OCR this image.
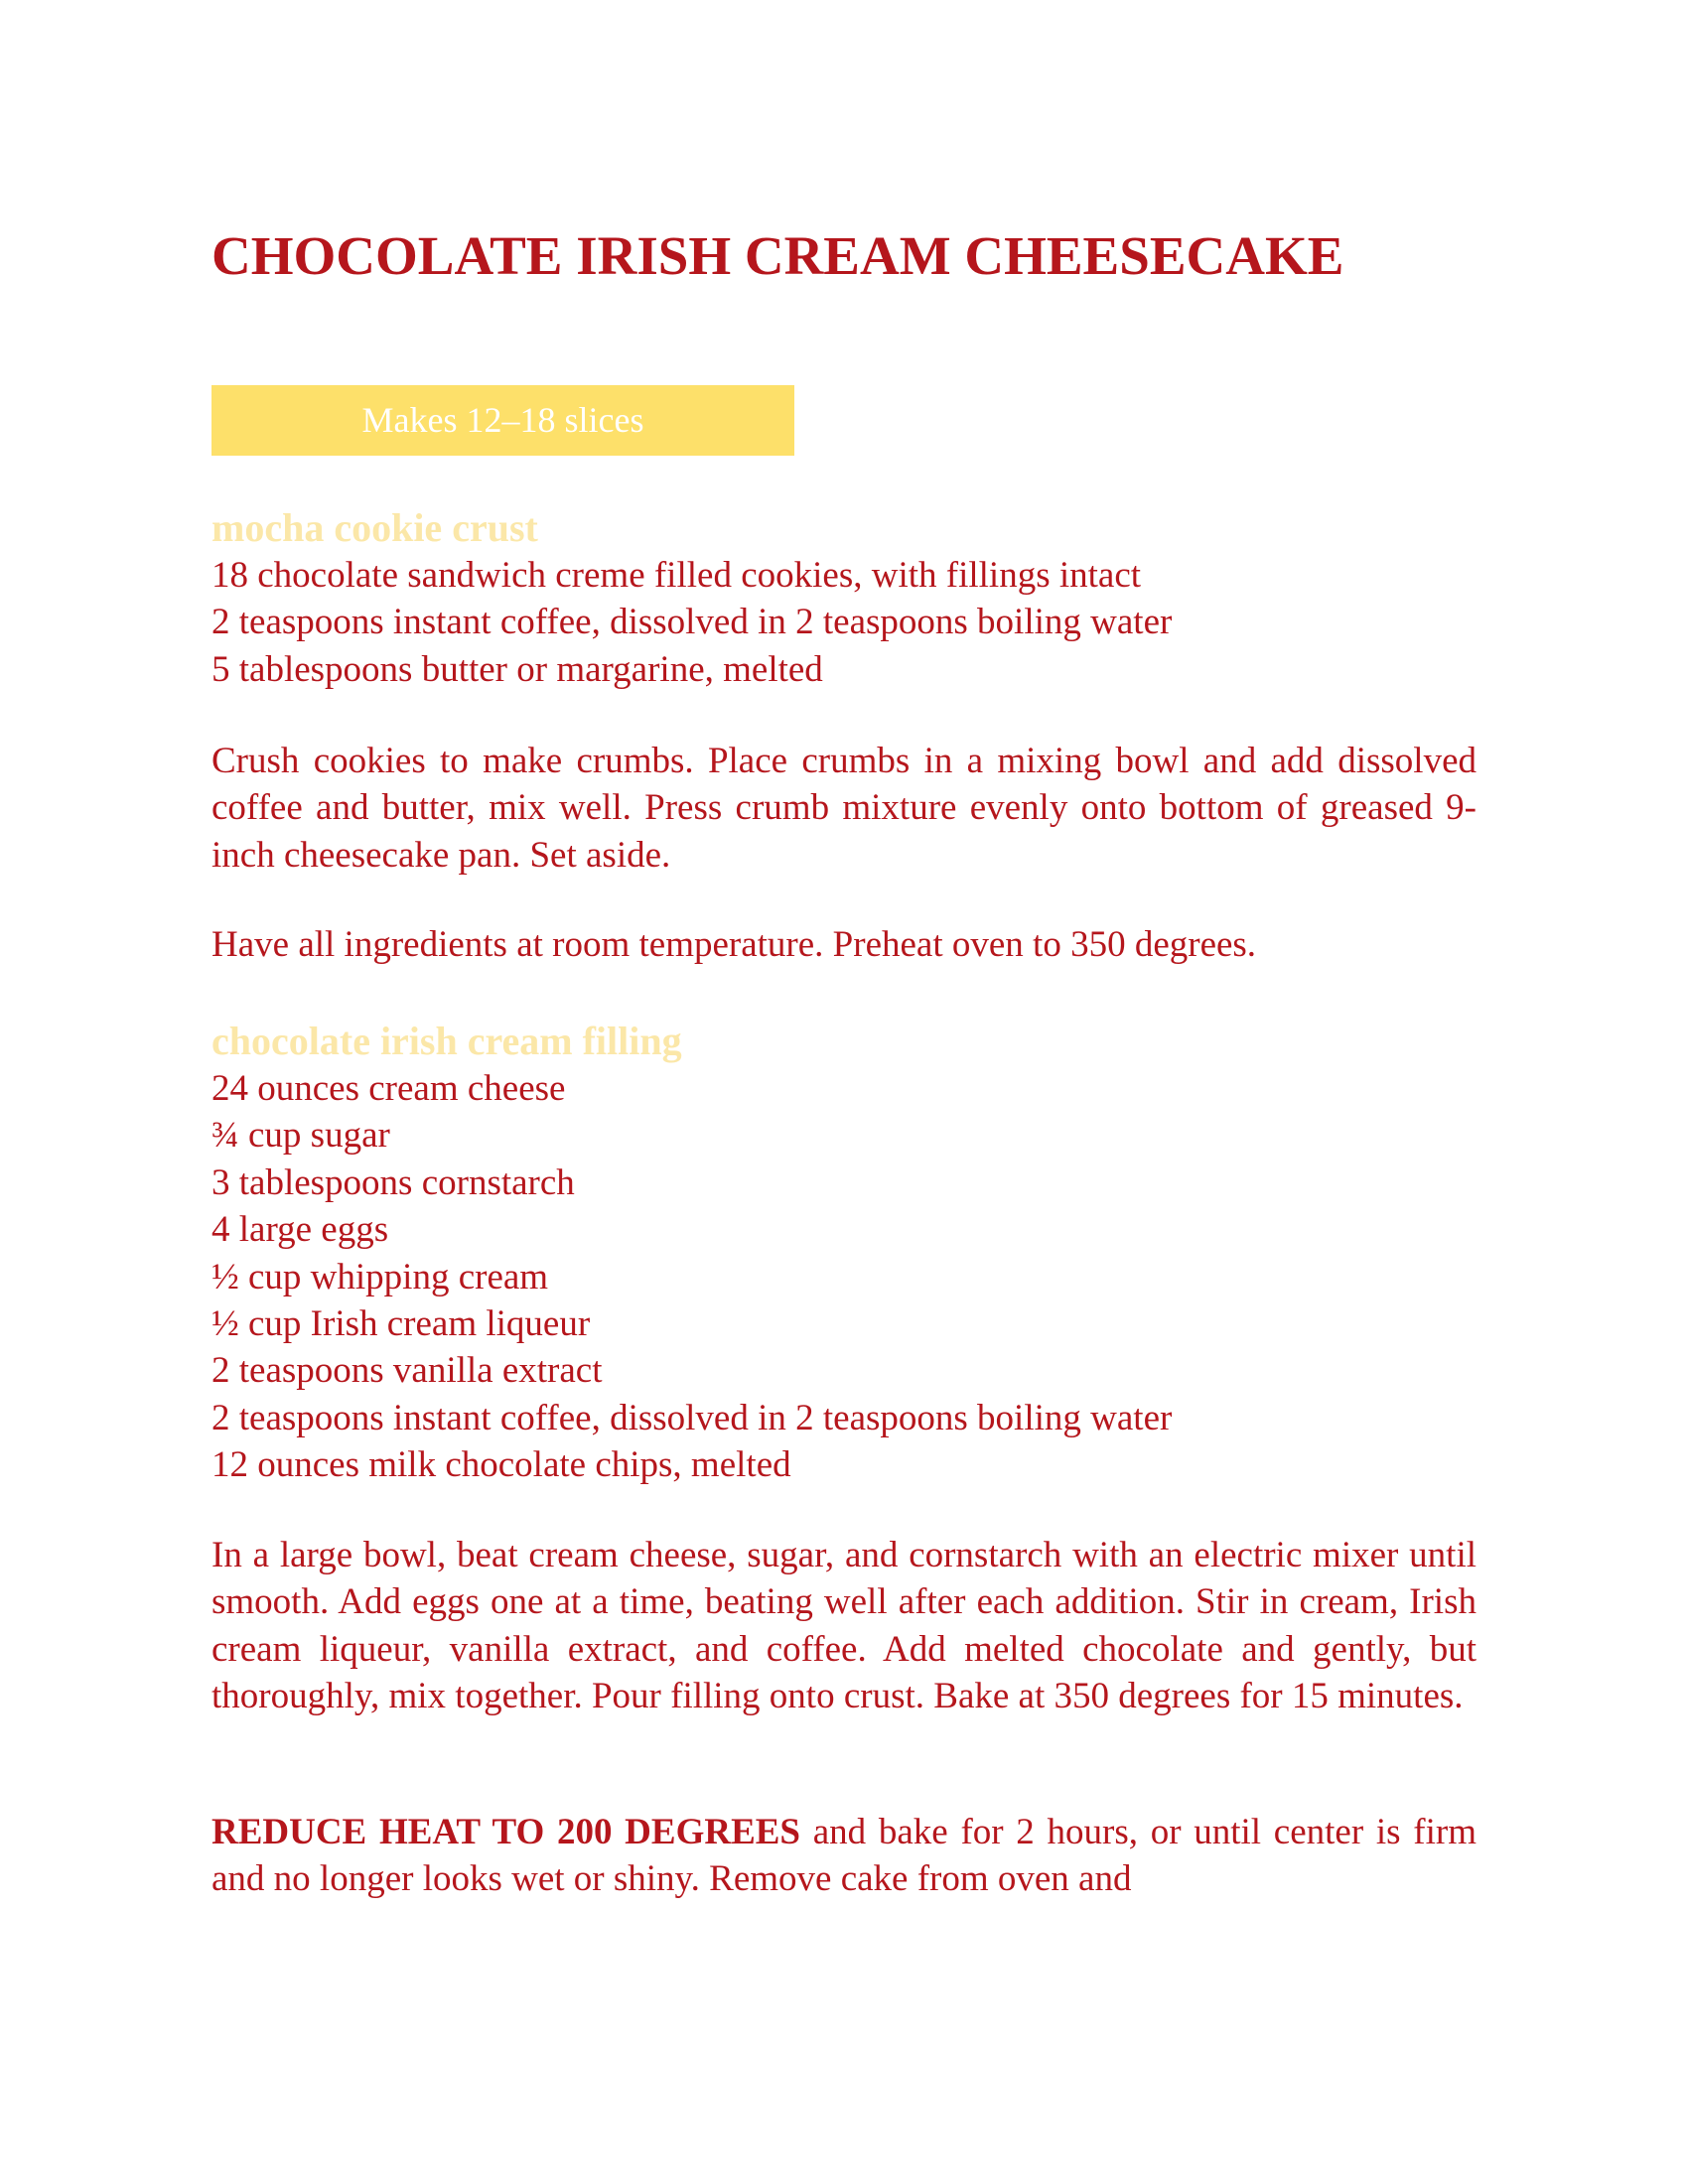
CHOCOLATE IRISH CREAM CHEESECAKE
Makes 12–18 slices
mocha cookie crust
18 chocolate sandwich creme filled cookies, with fillings intact
2 teaspoons instant coffee, dissolved in 2 teaspoons boiling water
5 tablespoons butter or margarine, melted

Crush cookies to make crumbs. Place crumbs in a mixing bowl and add dissolved coffee and butter, mix well. Press crumb mixture evenly onto bottom of greased 9-inch cheesecake pan. Set aside.

Have all ingredients at room temperature. Preheat oven to 350 degrees.

chocolate irish cream filling
24 ounces cream cheese
¾ cup sugar
3 tablespoons cornstarch
4 large eggs
½ cup whipping cream
½ cup Irish cream liqueur
2 teaspoons vanilla extract
2 teaspoons instant coffee, dissolved in 2 teaspoons boiling water
12 ounces milk chocolate chips, melted

In a large bowl, beat cream cheese, sugar, and cornstarch with an electric mixer until smooth. Add eggs one at a time, beating well after each addition. Stir in cream, Irish cream liqueur, vanilla extract, and coffee. Add melted chocolate and gently, but thoroughly, mix together. Pour filling onto crust. Bake at 350 degrees for 15 minutes.

REDUCE HEAT TO 200 DEGREES and bake for 2 hours, or until center is firm and no longer looks wet or shiny. Remove cake from oven and
